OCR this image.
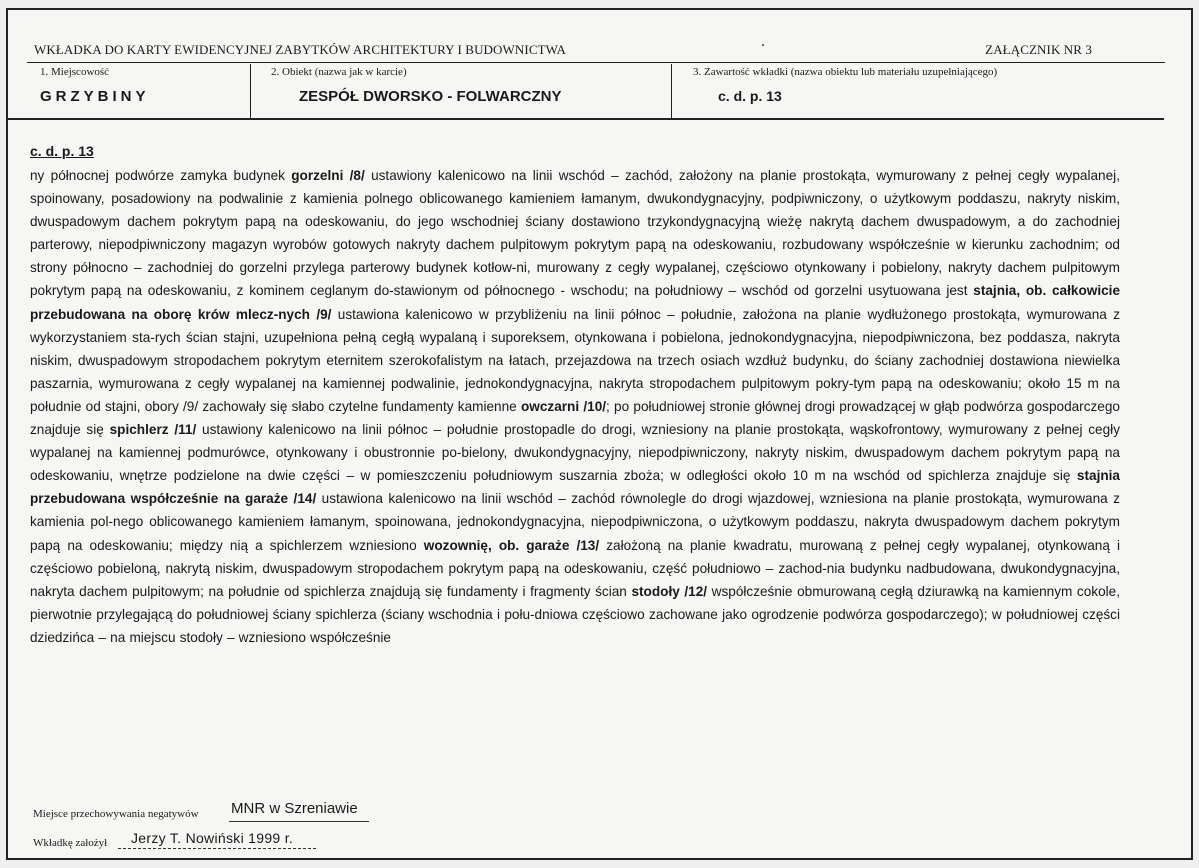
WKŁADKA DO KARTY EWIDENCYJNEJ ZABYTKÓW ARCHITEKTURY I BUDOWNICTWA	ZAŁĄCZNIK NR 3
1. Miejscowość
GRZYBINY
2. Obiekt (nazwa jak w karcie)
ZESPÓŁ DWORSKO - FOLWARCZNY
3. Zawartość wkładki (nazwa obiektu lub materiału uzupełniającego)
c. d. p. 13
c. d. p. 13
ny północnej podwórze zamyka budynek gorzelni /8/ ustawiony kalenicowo na linii wschód – zachód, założony na planie prostokąta, wymurowany z pełnej cegły wypalanej, spoinowany, posadowiony na podwalinie z kamienia polnego oblicowanego kamieniem łamanym, dwukondygnacyjny, podpiwniczony, o użytkowym poddaszu, nakryty niskim, dwuspadowym dachem pokrytym papą na odeskowaniu, do jego wschodniej ściany dostawiono trzykondygnacyjną wieżę nakrytą dachem dwuspadowym, a do zachodniej parterowy, niepodpiwniczony magazyn wyrobów gotowych nakryty dachem pulpitowym pokrytym papą na odeskowaniu, rozbudowany współcześnie w kierunku zachodnim; od strony północno – zachodniej do gorzelni przylega parterowy budynek kotłow-ni, murowany z cegły wypalanej, częściowo otynkowany i pobielony, nakryty dachem pulpitowym pokrytym papą na odeskowaniu, z kominem ceglanym do-stawionym od północnego - wschodu; na południowy – wschód od gorzelni usytuowana jest stajnia, ob. całkowicie przebudowana na oborę krów mlecz-nych /9/ ustawiona kalenicowo w przybliżeniu na linii północ – południe, założona na planie wydłużonego prostokąta, wymurowana z wykorzystaniem sta-rych ścian stajni, uzupełniona pełną cegłą wypalaną i suporeksem, otynkowana i pobielona, jednokondygnacyjna, niepodpiwniczona, bez poddasza, nakryta niskim, dwuspadowym stropodachem pokrytym eternitem szerokofalistym na łatach, przejazdowa na trzech osiach wzdłuż budynku, do ściany zachodniej dostawiona niewielka paszarnia, wymurowana z cegły wypalanej na kamiennej podwalinie, jednokondygnacyjna, nakryta stropodachem pulpitowym pokry-tym papą na odeskowaniu; około 15 m na południe od stajni, obory /9/ zachowały się słabo czytelne fundamenty kamienne owczarni /10/; po południowej stronie głównej drogi prowadzącej w głąb podwórza gospodarczego znajduje się spichlerz /11/ ustawiony kalenicowo na linii północ – południe prostopadle do drogi, wzniesiony na planie prostokąta, wąskofrontowy, wymurowany z pełnej cegły wypalanej na kamiennej podmurówce, otynkowany i obustronnie po-bielony, dwukondygnacyjny, niepodpiwniczony, nakryty niskim, dwuspadowym dachem pokrytym papą na odeskowaniu, wnętrze podzielone na dwie części – w pomieszczeniu południowym suszarnia zboża; w odległości około 10 m na wschód od spichlerza znajduje się stajnia przebudowana współcześnie na garaże /14/ ustawiona kalenicowo na linii wschód – zachód równolegle do drogi wjazdowej, wzniesiona na planie prostokąta, wymurowana z kamienia pol-nego oblicowanego kamieniem łamanym, spoinowana, jednokondygnacyjna, niepodpiwniczona, o użytkowym poddaszu, nakryta dwuspadowym dachem pokrytym papą na odeskowaniu; między nią a spichlerzem wzniesiono wozownię, ob. garaże /13/ założoną na planie kwadratu, murowaną z pełnej cegły wypalanej, otynkowaną i częściowo pobieloną, nakrytą niskim, dwuspadowym stropodachem pokrytym papą na odeskowaniu, część południowo – zachod-nia budynku nadbudowana, dwukondygnacyjna, nakryta dachem pulpitowym; na południe od spichlerza znajdują się fundamenty i fragmenty ścian stodoły /12/ współcześnie obmurowaną cegłą dziurawką na kamiennym cokole, pierwotnie przylegającą do południowej ściany spichlerza (ściany wschodnia i połu-dniowa częściowo zachowane jako ogrodzenie podwórza gospodarczego); w południowej części dziedzińca – na miejscu stodoły – wzniesiono współcześnie
Miejsce przechowywania negatywów MNR w Szreniawie
Wkładkę założył Jerzy T. Nowiński 1999 r.
